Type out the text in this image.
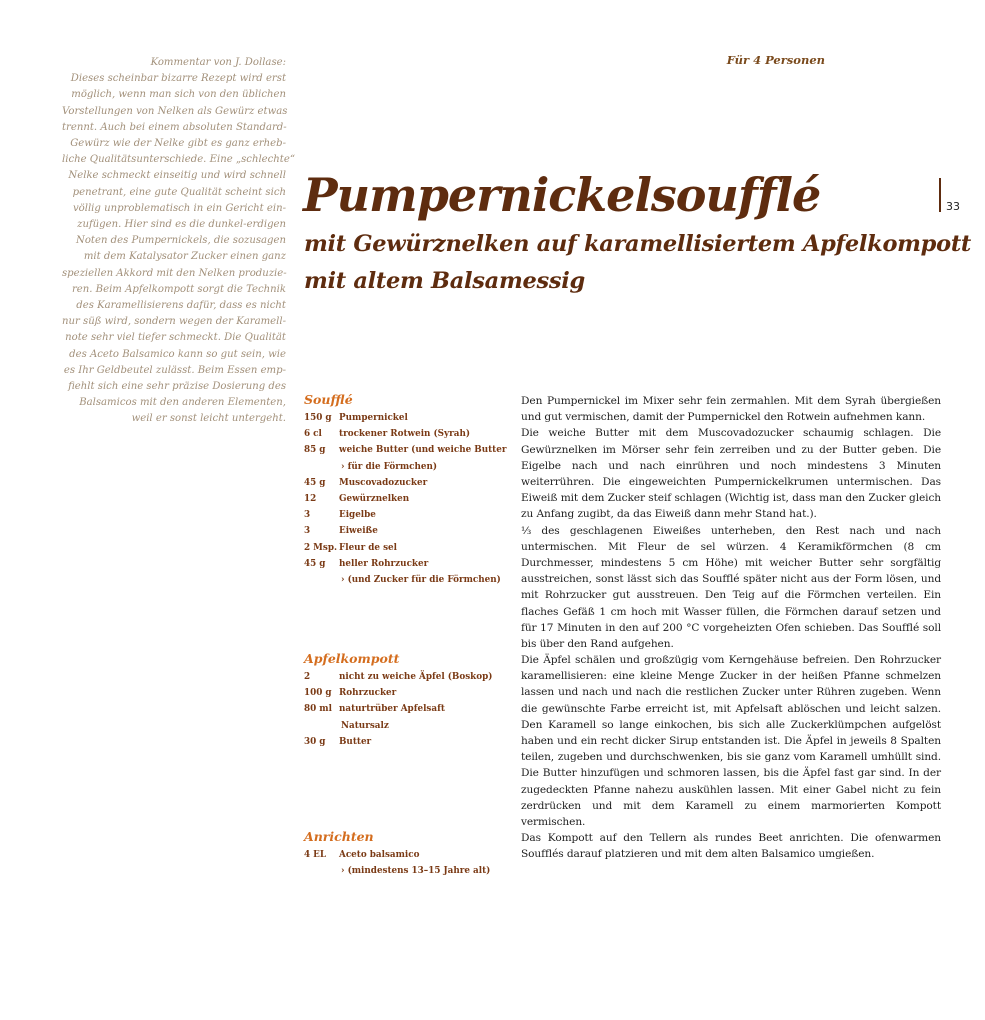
Kommentar von J. Dollase:

Dieses scheinbar bizarre Rezept wird erst

möglich, wenn man sich von den üblichen

Vorstellungen von Nelken als Gewürz etwas

trennt. Auch bei einem absoluten Standard-

Gewürz wie der Nelke gibt es ganz erheb-

liche Qualitätsunterschiede. Eine „schlechte“

Nelke schmeckt einseitig und wird schnell

penetrant, eine gute Qualität scheint sich

völlig unproblematisch in ein Gericht ein-

zufügen. Hier sind es die dunkel-erdigen

Noten des Pumpernickels, die sozusagen

mit dem Katalysator Zucker einen ganz

speziellen Akkord mit den Nelken produzie-

ren. Beim Apfelkompott sorgt die Technik

des Karamellisierens dafür, dass es nicht

nur süß wird, sondern wegen der Karamell-

note sehr viel tiefer schmeckt. Die Qualität

des Aceto Balsamico kann so gut sein, wie

es Ihr Geldbeutel zulässt. Beim Essen emp-

fiehlt sich eine sehr präzise Dosierung des

Balsamicos mit den anderen Elementen,

weil er sonst leicht untergeht.

Für 4 Personen
Pumpernickelsoufflé

mit Gewürznelken auf karamellisiertem Apfelkompott

mit altem Balsamessig

33
Soufflé
150 g Pumpernickel
6 cl	trockener Rotwein (Syrah)
85 g	weiche Butter (und weiche Butter
› für die Förmchen)
45 g	Muscovadozucker
12	Gewürznelken
3	Eigelbe
3	Eiweiße
2 Msp. Fleur de sel
45 g	heller Rohrzucker
› (und Zucker für die Förmchen)

Den Pumpernickel im Mixer sehr fein zermahlen. Mit dem Syrah übergießen und gut vermischen, damit der Pumpernickel den Rotwein aufnehmen kann.

Die weiche Butter mit dem Muscovadozucker schaumig schlagen. Die Gewürznelken im Mörser sehr fein zerreiben und zu der Butter geben. Die Eigelbe nach und nach einrühren und noch mindestens 3 Minuten weiterrühren. Die eingeweichten Pumpernickelkrumen untermischen. Das Eiweiß mit dem Zucker steif schlagen (Wichtig ist, dass man den Zucker gleich zu Anfang zugibt, da das Eiweiß dann mehr Stand hat.).

⅓ des geschlagenen Eiweißes unterheben, den Rest nach und nach untermischen. Mit Fleur de sel würzen. 4 Keramikförmchen (8 cm Durchmesser, mindestens 5 cm Höhe) mit weicher Butter sehr sorgfältig ausstreichen, sonst lässt sich das Soufflé später nicht aus der Form lösen, und mit Rohrzucker gut ausstreuen. Den Teig auf die Förmchen verteilen. Ein flaches Gefäß 1 cm hoch mit Wasser füllen, die Förmchen darauf setzen und für 17 Minuten in den auf 200 °C vorgeheizten Ofen schieben. Das Soufflé soll bis über den Rand aufgehen.

Apfelkompott
2	nicht zu weiche Äpfel (Boskop)
100 g Rohrzucker
80 ml naturtrüber Apfelsaft
Natursalz
30 g	Butter

Die Äpfel schälen und großzügig vom Kerngehäuse befreien. Den Rohrzucker karamellisieren: eine kleine Menge Zucker in der heißen Pfanne schmelzen lassen und nach und nach die restlichen Zucker unter Rühren zugeben. Wenn die gewünschte Farbe erreicht ist, mit Apfelsaft ablöschen und leicht salzen. Den Karamell so lange einkochen, bis sich alle Zuckerklümpchen aufgelöst haben und ein recht dicker Sirup entstanden ist. Die Äpfel in jeweils 8 Spalten teilen, zugeben und durchschwenken, bis sie ganz vom Karamell umhüllt sind. Die Butter hinzufügen und schmoren lassen, bis die Äpfel fast gar sind. In der zugedeckten Pfanne nahezu auskühlen lassen. Mit einer Gabel nicht zu fein zerdrücken und mit dem Karamell zu einem marmorierten Kompott vermischen.

Anrichten
4 EL	Aceto balsamico
› (mindestens 13–15 Jahre alt)

Das Kompott auf den Tellern als rundes Beet anrichten. Die ofenwarmen Soufflés darauf platzieren und mit dem alten Balsamico umgießen.
